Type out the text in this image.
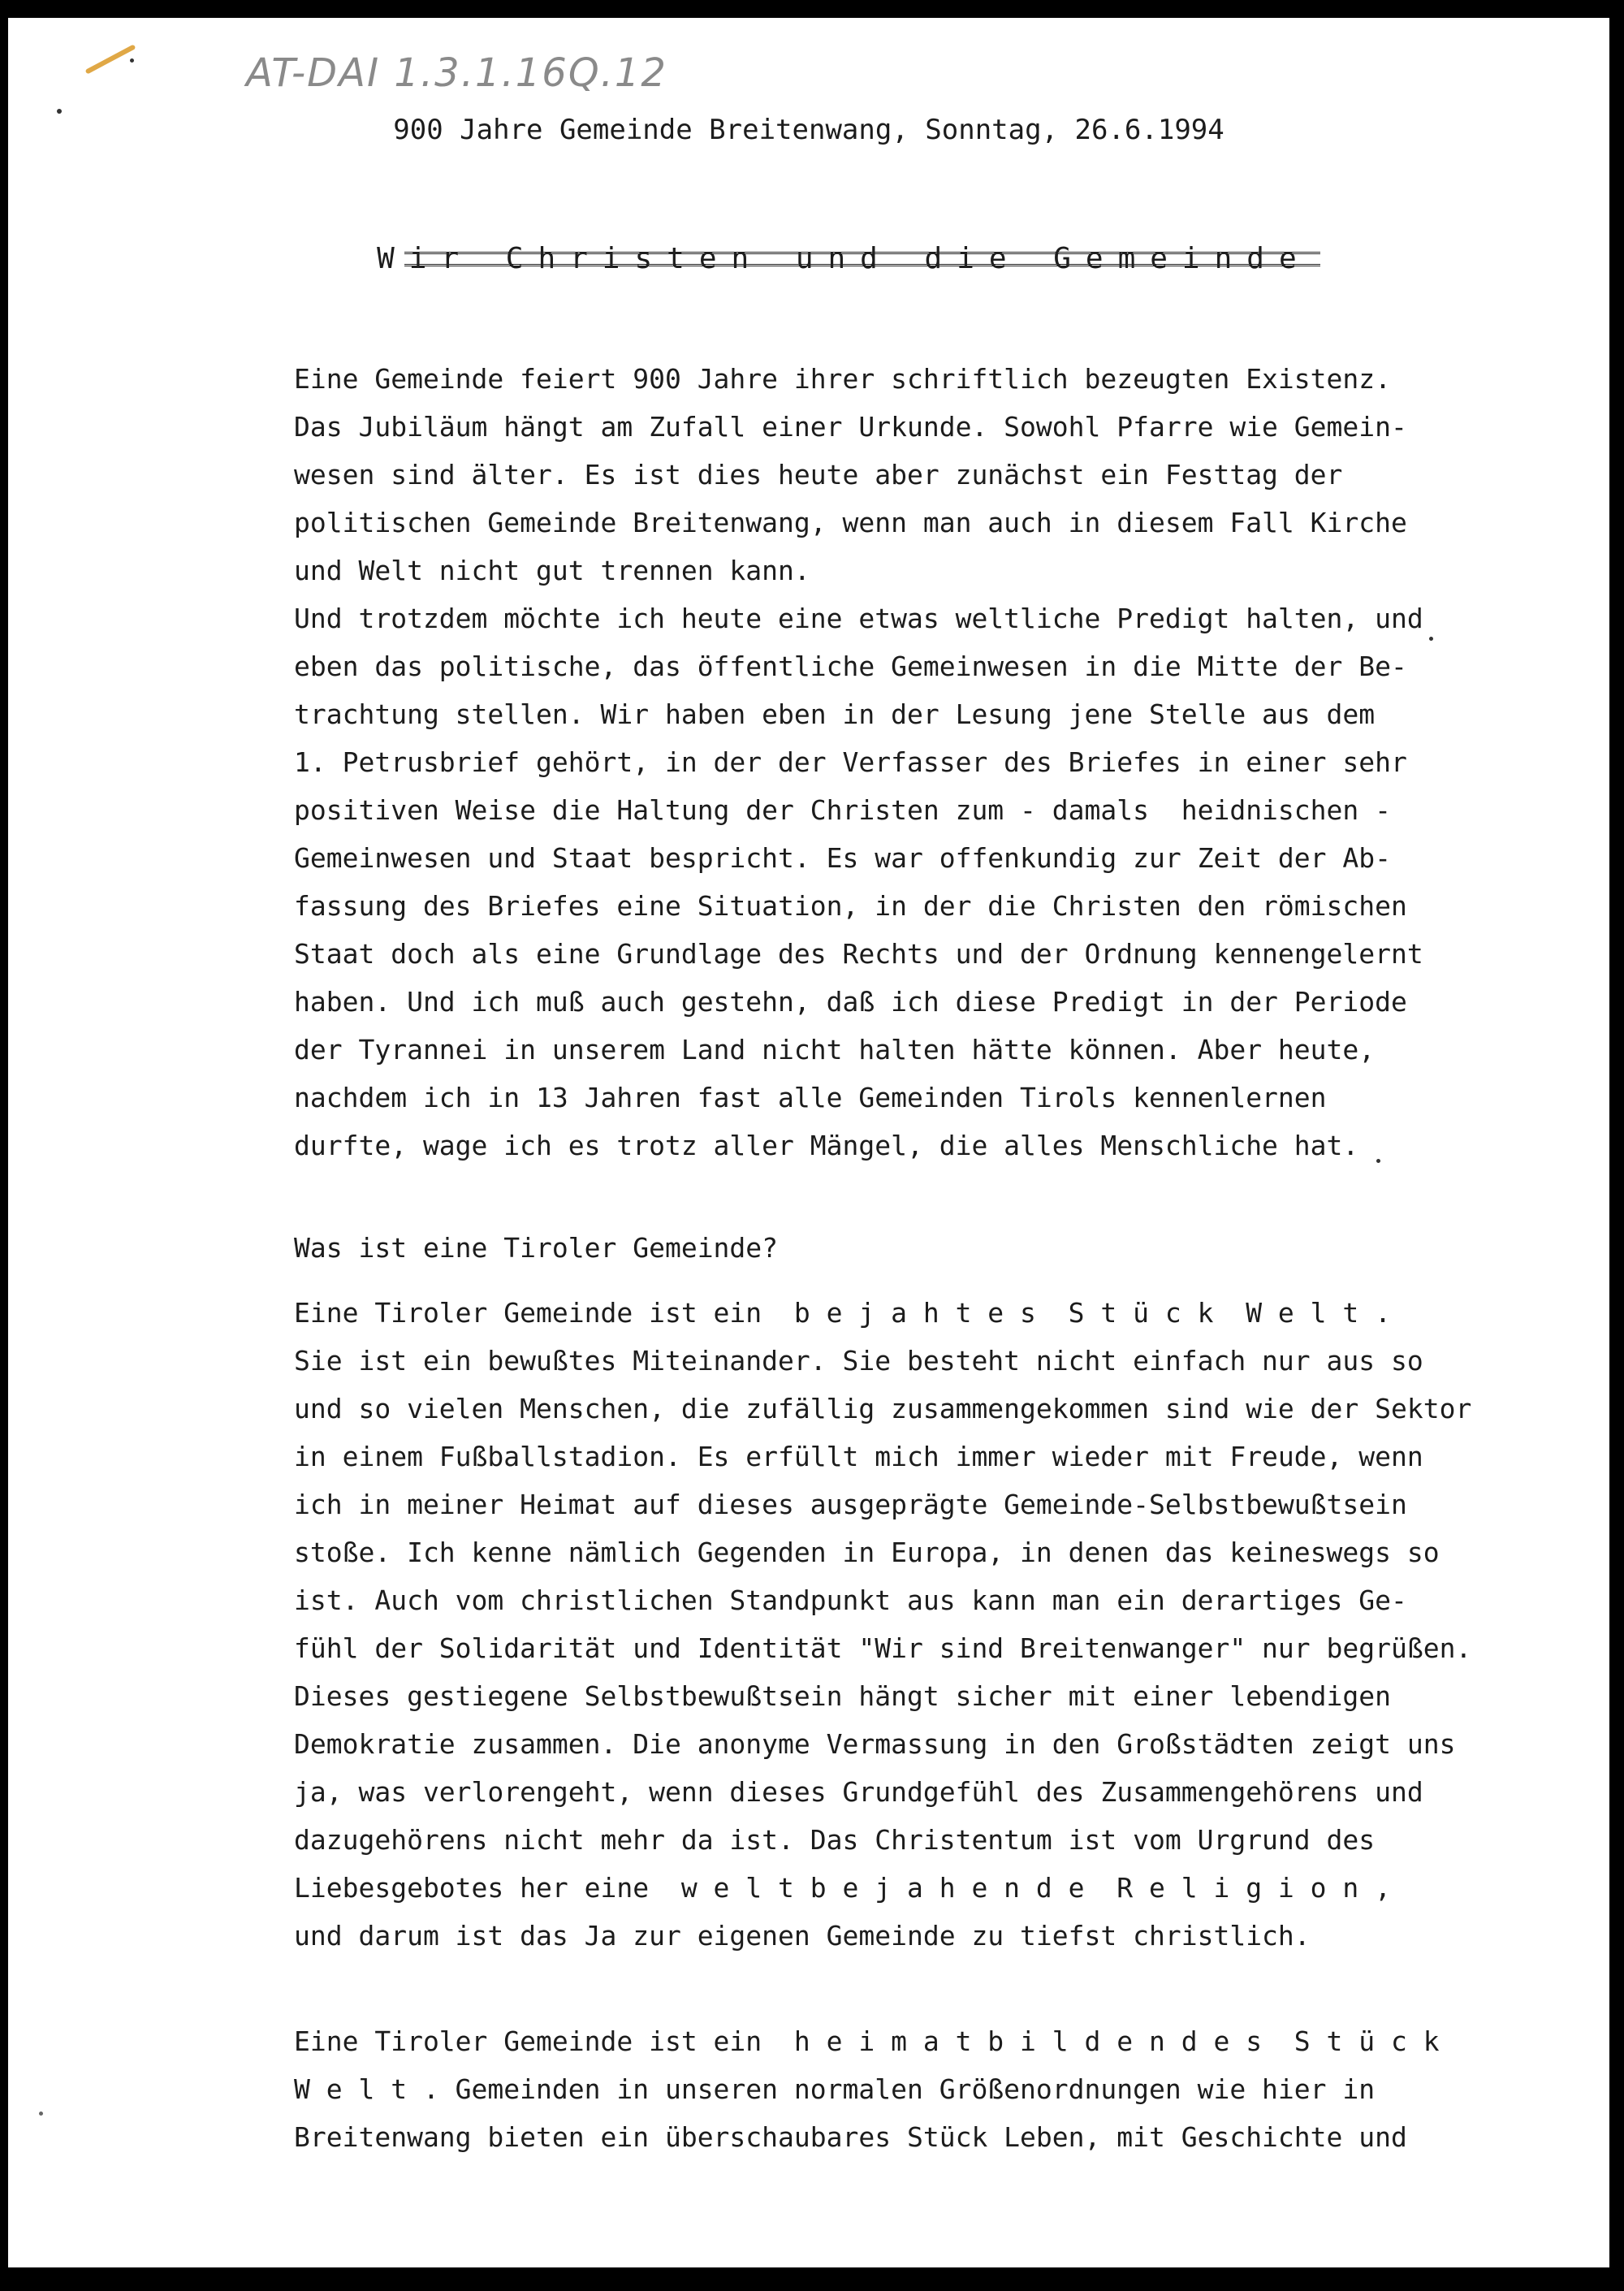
AT-DAI 1.3.1.16Q.12
900 Jahre Gemeinde Breitenwang, Sonntag, 26.6.1994

Wir Christen und die Gemeinde

Eine Gemeinde feiert 900 Jahre ihrer schriftlich bezeugten Existenz.
Das Jubiläum hängt am Zufall einer Urkunde. Sowohl Pfarre wie Gemein-
wesen sind älter. Es ist dies heute aber zunächst ein Festtag der
politischen Gemeinde Breitenwang, wenn man auch in diesem Fall Kirche
und Welt nicht gut trennen kann.
Und trotzdem möchte ich heute eine etwas weltliche Predigt halten, und
eben das politische, das öffentliche Gemeinwesen in die Mitte der Be-
trachtung stellen. Wir haben eben in der Lesung jene Stelle aus dem
1. Petrusbrief gehört, in der der Verfasser des Briefes in einer sehr
positiven Weise die Haltung der Christen zum - damals  heidnischen -
Gemeinwesen und Staat bespricht. Es war offenkundig zur Zeit der Ab-
fassung des Briefes eine Situation, in der die Christen den römischen
Staat doch als eine Grundlage des Rechts und der Ordnung kennengelernt
haben. Und ich muß auch gestehn, daß ich diese Predigt in der Periode
der Tyrannei in unserem Land nicht halten hätte können. Aber heute,
nachdem ich in 13 Jahren fast alle Gemeinden Tirols kennenlernen
durfte, wage ich es trotz aller Mängel, die alles Menschliche hat.
Was ist eine Tiroler Gemeinde?
Eine Tiroler Gemeinde ist ein  b e j a h t e s  S t ü c k  W e l t .
Sie ist ein bewußtes Miteinander. Sie besteht nicht einfach nur aus so
und so vielen Menschen, die zufällig zusammengekommen sind wie der Sektor
in einem Fußballstadion. Es erfüllt mich immer wieder mit Freude, wenn
ich in meiner Heimat auf dieses ausgeprägte Gemeinde-Selbstbewußtsein
stoße. Ich kenne nämlich Gegenden in Europa, in denen das keineswegs so
ist. Auch vom christlichen Standpunkt aus kann man ein derartiges Ge-
fühl der Solidarität und Identität "Wir sind Breitenwanger" nur begrüßen.
Dieses gestiegene Selbstbewußtsein hängt sicher mit einer lebendigen
Demokratie zusammen. Die anonyme Vermassung in den Großstädten zeigt uns
ja, was verlorengeht, wenn dieses Grundgefühl des Zusammengehörens und
dazugehörens nicht mehr da ist. Das Christentum ist vom Urgrund des
Liebesgebotes her eine  w e l t b e j a h e n d e  R e l i g i o n ,
und darum ist das Ja zur eigenen Gemeinde zu tiefst christlich.
Eine Tiroler Gemeinde ist ein  h e i m a t b i l d e n d e s  S t ü c k
W e l t . Gemeinden in unseren normalen Größenordnungen wie hier in
Breitenwang bieten ein überschaubares Stück Leben, mit Geschichte und
